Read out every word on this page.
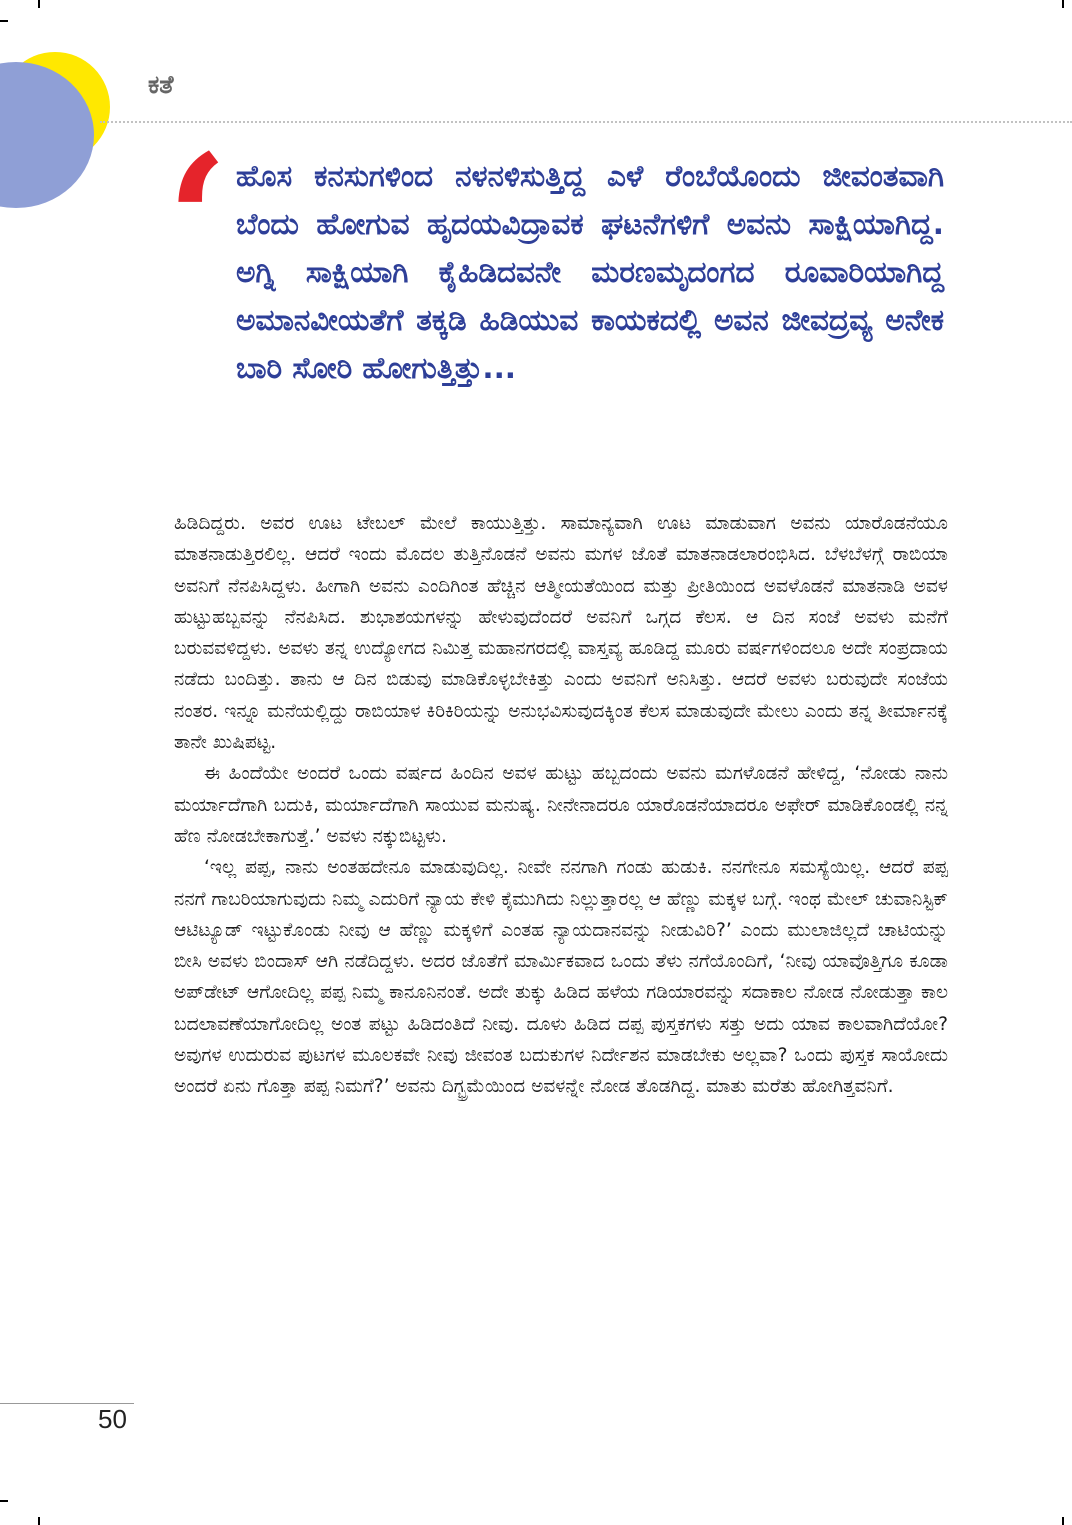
ಕತೆ
‘ ಹೊಸ ಕನಸುಗಳಿಂದ ನಳನಳಿಸುತ್ತಿದ್ದ ಎಳೆ ರೆಂಬೆಯೊಂದು ಜೀವಂತವಾಗಿ ಬೆಂದು ಹೋಗುವ ಹೃದಯವಿದ್ರಾವಕ ಘಟನೆಗಳಿಗೆ ಅವನು ಸಾಕ್ಷಿಯಾಗಿದ್ದ. ಅಗ್ನಿ ಸಾಕ್ಷಿಯಾಗಿ ಕೈಹಿಡಿದವನೇ ಮರಣಮೃದಂಗದ ರೂವಾರಿಯಾಗಿದ್ದ ಅಮಾನವೀಯತೆಗೆ ತಕ್ಕಡಿ ಹಿಡಿಯುವ ಕಾಯಕದಲ್ಲಿ ಅವನ ಜೀವದ್ರವ್ಯ ಅನೇಕ ಬಾರಿ ಸೋರಿ ಹೋಗುತ್ತಿತ್ತು...

ಹಿಡಿದಿದ್ದರು. ಅವರ ಊಟ ಟೇಬಲ್ ಮೇಲೆ ಕಾಯುತ್ತಿತ್ತು. ಸಾಮಾನ್ಯವಾಗಿ ಊಟ ಮಾಡುವಾಗ ಅವನು ಯಾರೊಡನೆಯೂ ಮಾತನಾಡುತ್ತಿರಲಿಲ್ಲ. ಆದರೆ ಇಂದು ಮೊದಲ ತುತ್ತಿನೊಡನೆ ಅವನು ಮಗಳ ಜೊತೆ ಮಾತನಾಡಲಾರಂಭಿಸಿದ. ಬೆಳಬೆಳಗ್ಗೆ ರಾಬಿಯಾ ಅವನಿಗೆ ನೆನಪಿಸಿದ್ದಳು. ಹೀಗಾಗಿ ಅವನು ಎಂದಿಗಿಂತ ಹೆಚ್ಚಿನ ಆತ್ಮೀಯತೆಯಿಂದ ಮತ್ತು ಪ್ರೀತಿಯಿಂದ ಅವಳೊಡನೆ ಮಾತನಾಡಿ ಅವಳ ಹುಟ್ಟುಹಬ್ಬವನ್ನು ನೆನಪಿಸಿದ. ಶುಭಾಶಯಗಳನ್ನು ಹೇಳುವುದೆಂದರೆ ಅವನಿಗೆ ಒಗ್ಗದ ಕೆಲಸ. ಆ ದಿನ ಸಂಜೆ ಅವಳು ಮನೆಗೆ ಬರುವವಳಿದ್ದಳು. ಅವಳು ತನ್ನ ಉದ್ಯೋಗದ ನಿಮಿತ್ತ ಮಹಾನಗರದಲ್ಲಿ ವಾಸ್ತವ್ಯ ಹೂಡಿದ್ದ ಮೂರು ವರ್ಷಗಳಿಂದಲೂ ಅದೇ ಸಂಪ್ರದಾಯ ನಡೆದು ಬಂದಿತ್ತು. ತಾನು ಆ ದಿನ ಬಿಡುವು ಮಾಡಿಕೊಳ್ಳಬೇಕಿತ್ತು ಎಂದು ಅವನಿಗೆ ಅನಿಸಿತ್ತು. ಆದರೆ ಅವಳು ಬರುವುದೇ ಸಂಜೆಯ ನಂತರ. ಇನ್ನೂ ಮನೆಯಲ್ಲಿದ್ದು ರಾಬಿಯಾಳ ಕಿರಿಕಿರಿಯನ್ನು ಅನುಭವಿಸುವುದಕ್ಕಿಂತ ಕೆಲಸ ಮಾಡುವುದೇ ಮೇಲು ಎಂದು ತನ್ನ ತೀರ್ಮಾನಕ್ಕೆ ತಾನೇ ಖುಷಿಪಟ್ಟ.

ಈ ಹಿಂದೆಯೇ ಅಂದರೆ ಒಂದು ವರ್ಷದ ಹಿಂದಿನ ಅವಳ ಹುಟ್ಟು ಹಬ್ಬದಂದು ಅವನು ಮಗಳೊಡನೆ ಹೇಳಿದ್ದ, ‘ನೋಡು ನಾನು ಮರ್ಯಾದೆಗಾಗಿ ಬದುಕಿ, ಮರ್ಯಾದೆಗಾಗಿ ಸಾಯುವ ಮನುಷ್ಯ. ನೀನೇನಾದರೂ ಯಾರೊಡನೆಯಾದರೂ ಅಫೇರ್ ಮಾಡಿಕೊಂಡಲ್ಲಿ ನನ್ನ ಹೆಣ ನೋಡಬೇಕಾಗುತ್ತೆ.’ ಅವಳು ನಕ್ಕುಬಿಟ್ಟಳು.

‘ಇಲ್ಲ ಪಪ್ಪ, ನಾನು ಅಂತಹದೇನೂ ಮಾಡುವುದಿಲ್ಲ. ನೀವೇ ನನಗಾಗಿ ಗಂಡು ಹುಡುಕಿ. ನನಗೇನೂ ಸಮಸ್ಯೆಯಿಲ್ಲ. ಆದರೆ ಪಪ್ಪ ನನಗೆ ಗಾಬರಿಯಾಗುವುದು ನಿಮ್ಮ ಎದುರಿಗೆ ನ್ಯಾಯ ಕೇಳಿ ಕೈಮುಗಿದು ನಿಲ್ಲುತ್ತಾರಲ್ಲ ಆ ಹೆಣ್ಣು ಮಕ್ಕಳ ಬಗ್ಗೆ. ಇಂಥ ಮೇಲ್ ಚುವಾನಿಸ್ಟಿಕ್ ಆಟಿಟ್ಯೂಡ್ ಇಟ್ಟುಕೊಂಡು ನೀವು ಆ ಹೆಣ್ಣು ಮಕ್ಕಳಿಗೆ ಎಂತಹ ನ್ಯಾಯದಾನವನ್ನು ನೀಡುವಿರಿ?’ ಎಂದು ಮುಲಾಜಿಲ್ಲದೆ ಚಾಟಿಯನ್ನು ಬೀಸಿ ಅವಳು ಬಿಂದಾಸ್ ಆಗಿ ನಡೆದಿದ್ದಳು. ಅದರ ಜೊತೆಗೆ ಮಾರ್ಮಿಕವಾದ ಒಂದು ತೆಳು ನಗೆಯೊಂದಿಗೆ, ‘ನೀವು ಯಾವೊತ್ತಿಗೂ ಕೂಡಾ ಅಪ್‌ಡೇಟ್ ಆಗೋದಿಲ್ಲ ಪಪ್ಪ ನಿಮ್ಮ ಕಾನೂನಿನಂತೆ. ಅದೇ ತುಕ್ಕು ಹಿಡಿದ ಹಳೆಯ ಗಡಿಯಾರವನ್ನು ಸದಾಕಾಲ ನೋಡ ನೋಡುತ್ತಾ ಕಾಲ ಬದಲಾವಣೆಯಾಗೋದಿಲ್ಲ ಅಂತ ಪಟ್ಟು ಹಿಡಿದಂತಿದೆ ನೀವು. ದೂಳು ಹಿಡಿದ ದಪ್ಪ ಪುಸ್ತಕಗಳು ಸತ್ತು ಅದು ಯಾವ ಕಾಲವಾಗಿದೆಯೋ? ಅವುಗಳ ಉದುರುವ ಪುಟಗಳ ಮೂಲಕವೇ ನೀವು ಜೀವಂತ ಬದುಕುಗಳ ನಿರ್ದೇಶನ ಮಾಡಬೇಕು ಅಲ್ಲವಾ? ಒಂದು ಪುಸ್ತಕ ಸಾಯೋದು ಅಂದರೆ ಏನು ಗೊತ್ತಾ ಪಪ್ಪ ನಿಮಗೆ?’ ಅವನು ದಿಗ್ಭ್ರಮೆಯಿಂದ ಅವಳನ್ನೇ ನೋಡ ತೊಡಗಿದ್ದ. ಮಾತು ಮರೆತು ಹೋಗಿತ್ತವನಿಗೆ.

50
